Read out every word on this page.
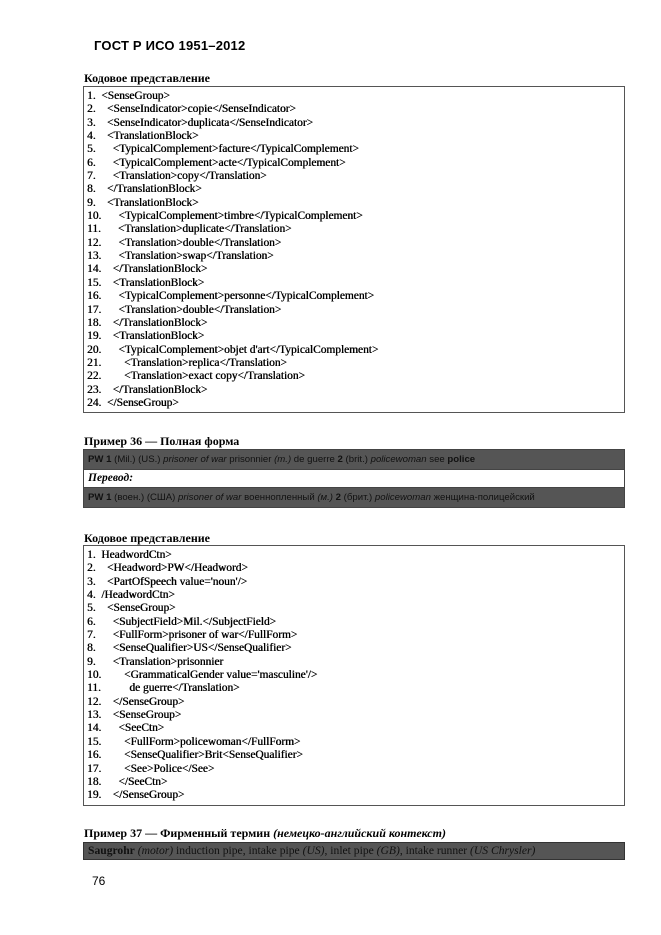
ГОСТ Р ИСО 1951–2012
Кодовое представление
1.  <SenseGroup>
2.    <SenseIndicator>copie</SenseIndicator>
3.    <SenseIndicator>duplicata</SenseIndicator>
4.    <TranslationBlock>
5.      <TypicalComplement>facture</TypicalComplement>
6.      <TypicalComplement>acte</TypicalComplement>
7.      <Translation>copy</Translation>
8.    </TranslationBlock>
9.    <TranslationBlock>
10.      <TypicalComplement>timbre</TypicalComplement>
11.      <Translation>duplicate</Translation>
12.      <Translation>double</Translation>
13.      <Translation>swap</Translation>
14.    </TranslationBlock>
15.    <TranslationBlock>
16.      <TypicalComplement>personne</TypicalComplement>
17.      <Translation>double</Translation>
18.    </TranslationBlock>
19.    <TranslationBlock>
20.      <TypicalComplement>objet d'art</TypicalComplement>
21.        <Translation>replica</Translation>
22.        <Translation>exact copy</Translation>
23.    </TranslationBlock>
24.  </SenseGroup>
Пример 36 — Полная форма
PW 1 (Mil.) (US.) prisoner of war prisonnier (m.) de guerre 2 (brit.) policewoman see police
Перевод:
PW 1 (воен.) (США) prisoner of war военнопленный (м.) 2 (брит.) policewoman женщина-полицейский
Кодовое представление
1.  HeadwordCtn>
2.    <Headword>PW</Headword>
3.    <PartOfSpeech value='noun'/>
4.  /HeadwordCtn>
5.    <SenseGroup>
6.      <SubjectField>Mil.</SubjectField>
7.      <FullForm>prisoner of war</FullForm>
8.      <SenseQualifier>US</SenseQualifier>
9.      <Translation>prisonnier
10.        <GrammaticalGender value='masculine'/>
11.          de guerre</Translation>
12.    </SenseGroup>
13.    <SenseGroup>
14.      <SeeCtn>
15.        <FullForm>policewoman</FullForm>
16.        <SenseQualifier>Brit<SenseQualifier>
17.        <See>Police</See>
18.      </SeeCtn>
19.    </SenseGroup>
Пример 37 — Фирменный термин (немецко-английский контекст)
Saugrohr (motor) induction pipe, intake pipe (US), inlet pipe (GB), intake runner (US Chrysler)
76
